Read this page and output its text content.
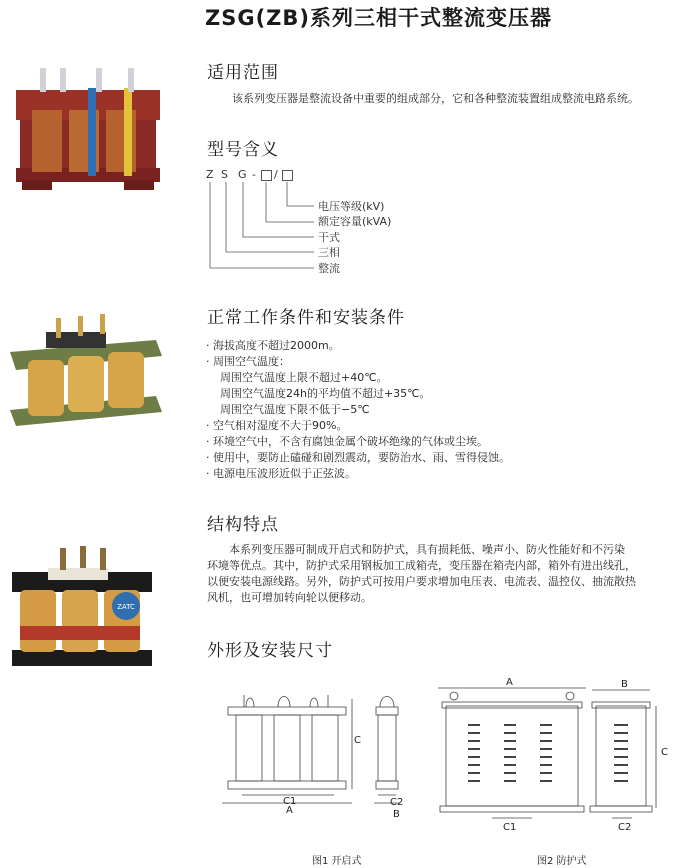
ZSG(ZB)系列三相干式整流变压器
ZATC
适用范围
该系列变压器是整流设备中重要的组成部分，它和各种整流装置组成整流电路系统。
型号含义
Z S G - /
电压等级(kV)
额定容量(kVA)
干式
三相
整流
正常工作条件和安装条件
· 海拔高度不超过2000m。
· 周围空气温度：
周围空气温度上限不超过+40℃。
周围空气温度24h的平均值不超过+35℃。
周围空气温度下限不低于−5℃
· 空气相对湿度不大于90%。
· 环境空气中，不含有腐蚀金属个破坏绝缘的气体或尘埃。
· 使用中，要防止磕碰和剧烈震动，要防治水、雨、雪得侵蚀。
· 电源电压波形近似于正弦波。
结构特点
本系列变压器可制成开启式和防护式，具有损耗低、噪声小、防火性能好和不污染
环境等优点。其中，防护式采用钢板加工成箱壳，变压器在箱壳内部，箱外有进出线孔，
以便安装电源线路。另外，防护式可按用户要求增加电压表、电流表、温控仪、抽流散热
风机，也可增加转向轮以便移动。
外形及安装尺寸
C1
A
C
C2
B
A	B
C
C1	C2
图1 开启式	图2 防护式
